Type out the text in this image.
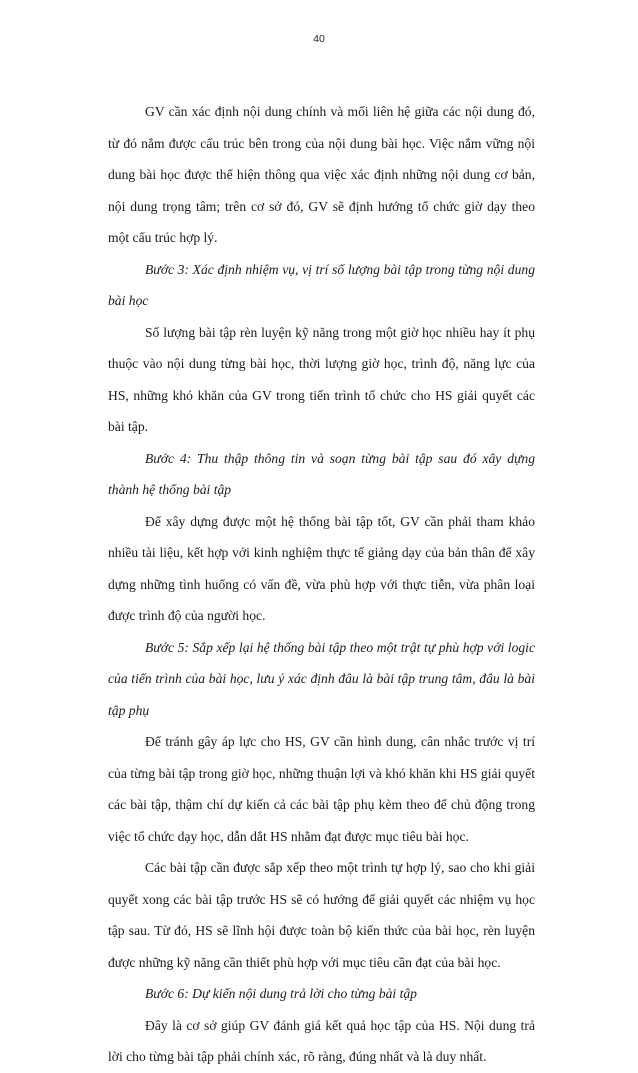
40

GV cần xác định nội dung chính và mối liên hệ giữa các nội dung đó, từ đó nắm được cấu trúc bên trong của nội dung bài học. Việc nắm vững nội dung bài học được thể hiện thông qua việc xác định những nội dung cơ bản, nội dung trọng tâm; trên cơ sở đó, GV sẽ định hướng tổ chức giờ dạy theo một cấu trúc hợp lý.

Bước 3: Xác định nhiệm vụ, vị trí số lượng bài tập trong từng nội dung bài học

Số lượng bài tập rèn luyện kỹ năng trong một giờ học nhiều hay ít phụ thuộc vào nội dung từng bài học, thời lượng giờ học, trình độ, năng lực của HS, những khó khăn của GV trong tiến trình tổ chức cho HS giải quyết các bài tập.

Bước 4: Thu thập thông tin và soạn từng bài tập sau đó xây dựng thành hệ thống bài tập

Để xây dựng được một hệ thống bài tập tốt, GV cần phải tham khảo nhiều tài liệu, kết hợp với kinh nghiệm thực tế giảng dạy của bản thân để xây dựng những tình huống có vấn đề, vừa phù hợp với thực tiễn, vừa phân loại được trình độ của người học.

Bước 5: Sắp xếp lại hệ thống bài tập theo một trật tự phù hợp với logic của tiến trình của bài học, lưu ý xác định đâu là bài tập trung tâm, đâu là bài tập phụ

Để tránh gây áp lực cho HS, GV cần hình dung, cân nhắc trước vị trí của từng bài tập trong giờ học, những thuận lợi và khó khăn khi HS giải quyết các bài tập, thậm chí dự kiến cả các bài tập phụ kèm theo để chủ động trong việc tổ chức dạy học, dẫn dắt HS nhằm đạt được mục tiêu bài học.

Các bài tập cần được sắp xếp theo một trình tự hợp lý, sao cho khi giải quyết xong các bài tập trước HS sẽ có hướng để giải quyết các nhiệm vụ học tập sau. Từ đó, HS sẽ lĩnh hội được toàn bộ kiến thức của bài học, rèn luyện được những kỹ năng cần thiết phù hợp với mục tiêu cần đạt của bài học.

Bước 6: Dự kiến nội dung trả lời cho từng bài tập

Đây là cơ sở giúp GV đánh giá kết quả học tập của HS. Nội dung trả lời cho từng bài tập phải chính xác, rõ ràng, đúng nhất và là duy nhất.
